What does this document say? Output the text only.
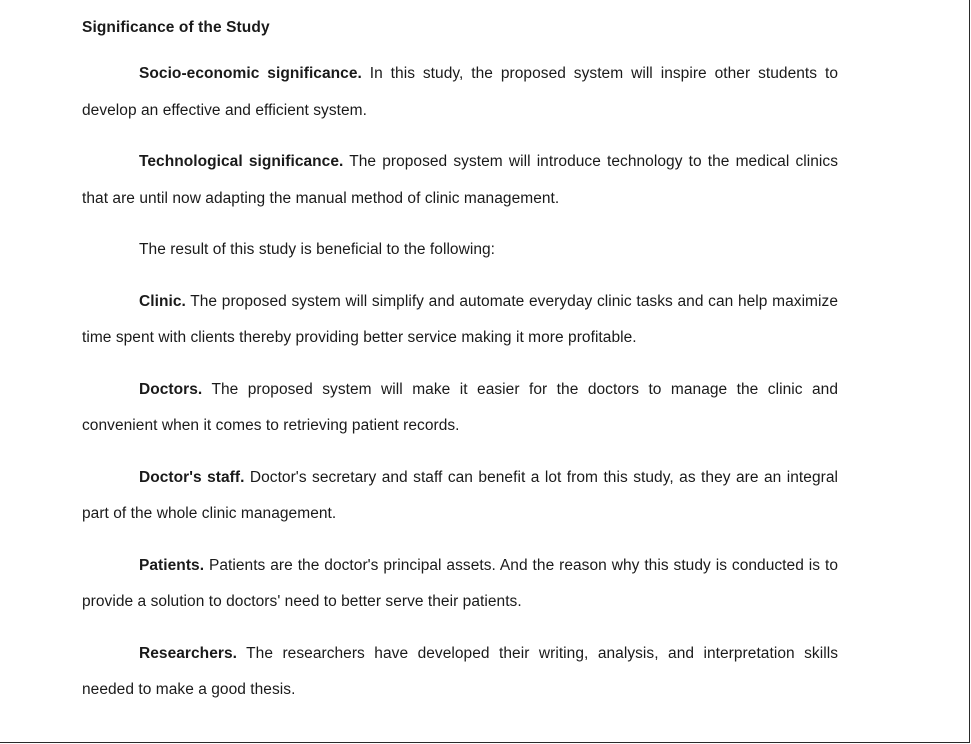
Significance of the Study

Socio-economic significance. In this study, the proposed system will inspire other students to develop an effective and efficient system.

Technological significance. The proposed system will introduce technology to the medical clinics that are until now adapting the manual method of clinic management.

The result of this study is beneficial to the following:

Clinic. The proposed system will simplify and automate everyday clinic tasks and can help maximize time spent with clients thereby providing better service making it more profitable.

Doctors. The proposed system will make it easier for the doctors to manage the clinic and convenient when it comes to retrieving patient records.

Doctor's staff. Doctor's secretary and staff can benefit a lot from this study, as they are an integral part of the whole clinic management.

Patients. Patients are the doctor's principal assets. And the reason why this study is conducted is to provide a solution to doctors' need to better serve their patients.

Researchers. The researchers have developed their writing, analysis, and interpretation skills needed to make a good thesis.
